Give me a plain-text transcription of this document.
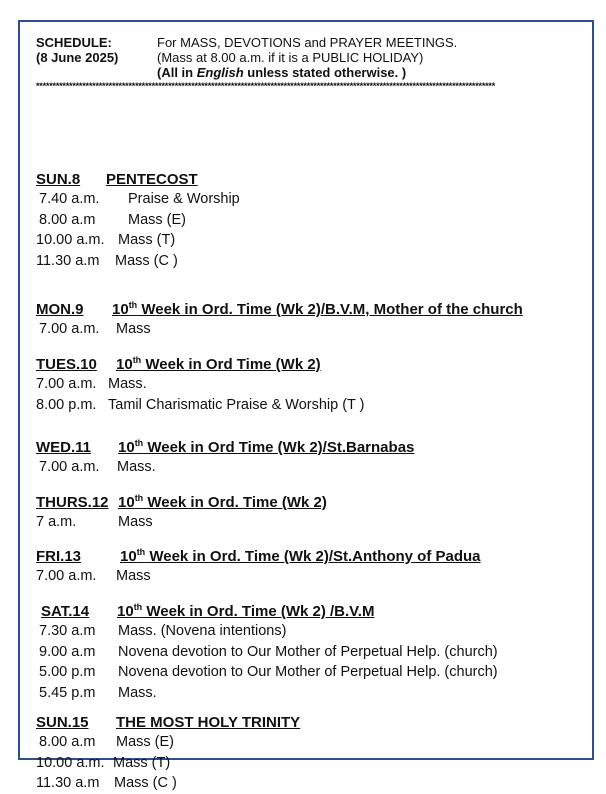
SCHEDULE:	For MASS, DEVOTIONS and PRAYER MEETINGS.
(8 June 2025)	(Mass at 8.00 a.m. if it is a PUBLIC HOLIDAY)
(All in English unless stated otherwise. )
*******************************************************************************************************************************************
SUN.8	PENTECOST
7.40 a.m.	Praise & Worship
8.00 a.m	Mass (E)
10.00 a.m. Mass (T)
11.30 a.m	Mass (C )
MON.9	10th Week in Ord. Time (Wk 2)/B.V.M, Mother of the church
7.00 a.m.	Mass
TUES.10	10th Week in Ord Time (Wk 2)
7.00 a.m. Mass.
8.00 p.m. Tamil Charismatic Praise & Worship (T )
WED.11	10th Week in Ord Time (Wk 2)/St.Barnabas
7.00 a.m.	Mass.
THURS.12 10th Week in Ord. Time (Wk 2)
7 a.m.	Mass
FRI.13	10th Week in Ord. Time (Wk 2)/St.Anthony of Padua
7.00 a.m.	Mass
SAT.14	10th Week in Ord. Time (Wk 2) /B.V.M
7.30 a.m	Mass. (Novena intentions)
9.00 a.m	Novena devotion to Our Mother of Perpetual Help. (church)
5.00 p.m	Novena devotion to Our Mother of Perpetual Help. (church)
5.45 p.m	Mass.
SUN.15	THE MOST HOLY TRINITY
8.00 a.m	Mass (E)
10.00 a.m. Mass (T)
11.30 a.m	Mass (C )
